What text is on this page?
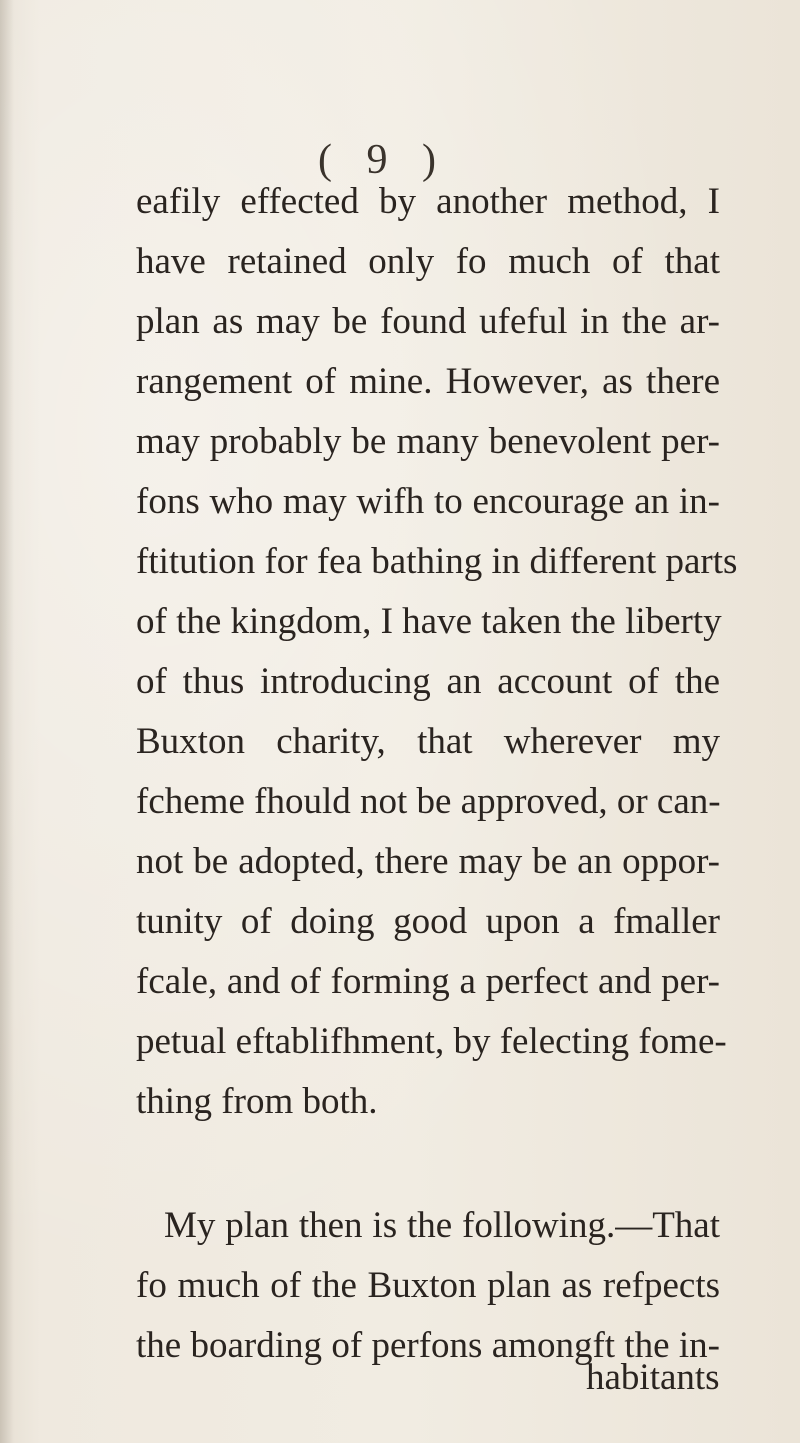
( 9 )
eafily effected by another method, I
have retained only fo much of that
plan as may be found ufeful in the ar-
rangement of mine. However, as there
may probably be many benevolent per-
fons who may wifh to encourage an in-
ftitution for fea bathing in different parts
of the kingdom, I have taken the liberty
of thus introducing an account of the
Buxton charity, that wherever my
fcheme fhould not be approved, or can-
not be adopted, there may be an oppor-
tunity of doing good upon a fmaller
fcale, and of forming a perfect and per-
petual eftablifhment, by felecting fome-
thing from both.
My plan then is the following.—That
fo much of the Buxton plan as refpects
the boarding of perfons amongft the in-
habitants
